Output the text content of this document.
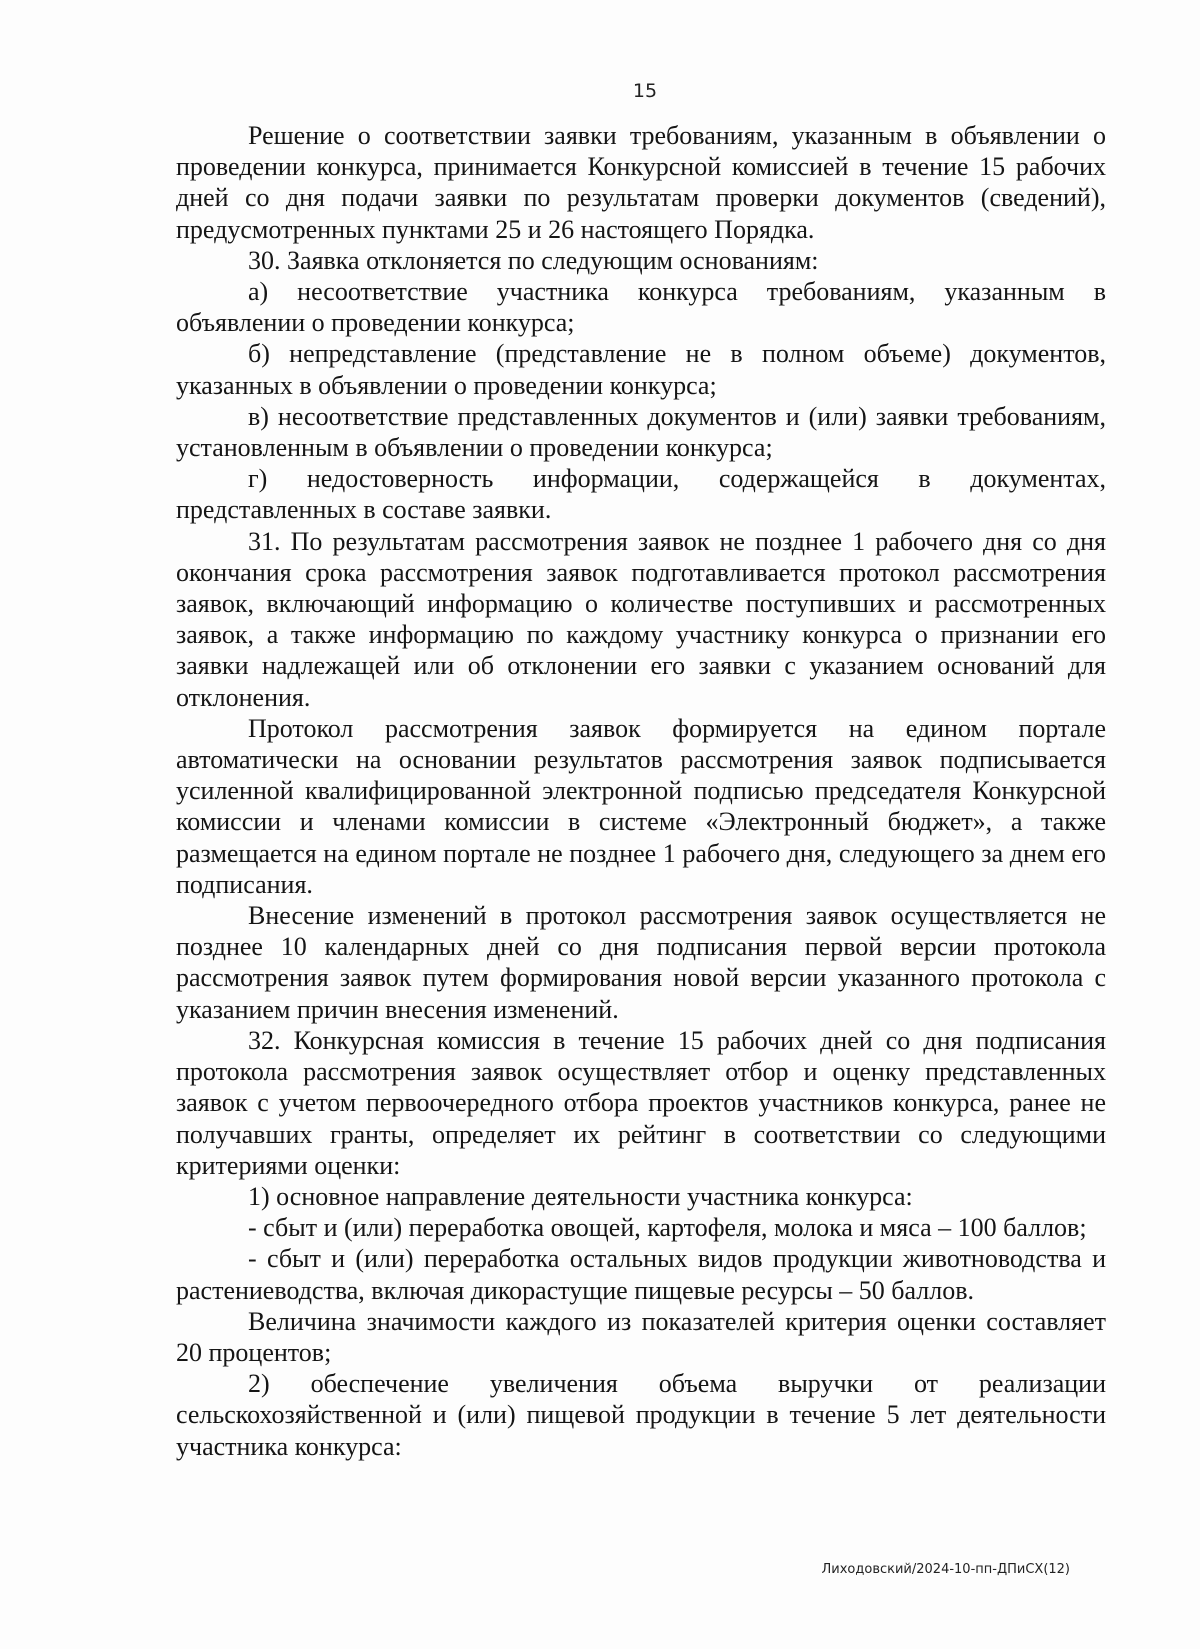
15

Решение о соответствии заявки требованиям, указанным в объявлении о проведении конкурса, принимается Конкурсной комиссией в течение 15 рабочих дней со дня подачи заявки по результатам проверки документов (сведений), предусмотренных пунктами 25 и 26 настоящего Порядка.

30. Заявка отклоняется по следующим основаниям:

а) несоответствие участника конкурса требованиям, указанным в объявлении о проведении конкурса;

б) непредставление (представление не в полном объеме) документов, указанных в объявлении о проведении конкурса;

в) несоответствие представленных документов и (или) заявки требованиям, установленным в объявлении о проведении конкурса;

г) недостоверность информации, содержащейся в документах, представленных в составе заявки.

31. По результатам рассмотрения заявок не позднее 1 рабочего дня со дня окончания срока рассмотрения заявок подготавливается протокол рассмотрения заявок, включающий информацию о количестве поступивших и рассмотренных заявок, а также информацию по каждому участнику конкурса о признании его заявки надлежащей или об отклонении его заявки с указанием оснований для отклонения.

Протокол рассмотрения заявок формируется на едином портале автоматически на основании результатов рассмотрения заявок подписывается усиленной квалифицированной электронной подписью председателя Конкурсной комиссии и членами комиссии в системе «Электронный бюджет», а также размещается на едином портале не позднее 1 рабочего дня, следующего за днем его подписания.

Внесение изменений в протокол рассмотрения заявок осуществляется не позднее 10 календарных дней со дня подписания первой версии протокола рассмотрения заявок путем формирования новой версии указанного протокола с указанием причин внесения изменений.

32. Конкурсная комиссия в течение 15 рабочих дней со дня подписания протокола рассмотрения заявок осуществляет отбор и оценку представленных заявок с учетом первоочередного отбора проектов участников конкурса, ранее не получавших гранты, определяет их рейтинг в соответствии со следующими критериями оценки:

1) основное направление деятельности участника конкурса:

- сбыт и (или) переработка овощей, картофеля, молока и мяса – 100 баллов;

- сбыт и (или) переработка остальных видов продукции животноводства и растениеводства, включая дикорастущие пищевые ресурсы – 50 баллов.

Величина значимости каждого из показателей критерия оценки составляет 20 процентов;

2) обеспечение увеличения объема выручки от реализации сельскохозяйственной и (или) пищевой продукции в течение 5 лет деятельности участника конкурса:

Лиходовский/2024-10-пп-ДПиСХ(12)
